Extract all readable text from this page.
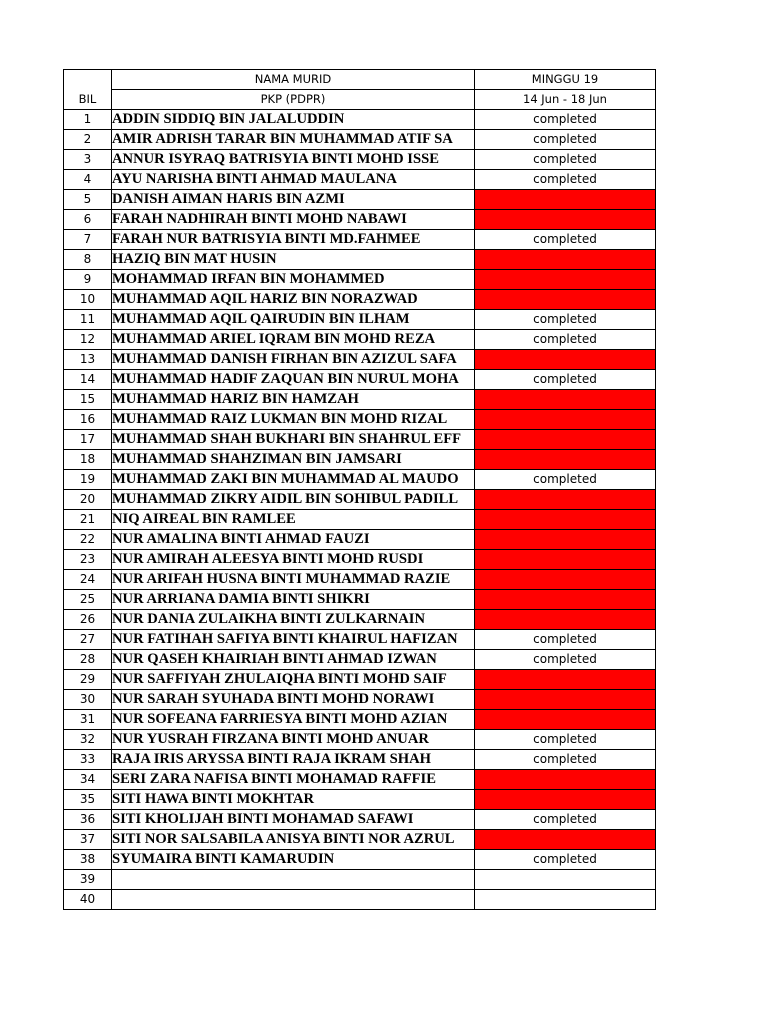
BIL	NAMA MURID	MINGGU 19
	PKP (PDPR)	14 Jun - 18 Jun
1	ADDIN SIDDIQ BIN JALALUDDIN	completed
2	AMIR ADRISH TARAR BIN MUHAMMAD ATIF SA	completed
3	ANNUR ISYRAQ BATRISYIA BINTI MOHD ISSE	completed
4	AYU NARISHA BINTI AHMAD MAULANA	completed
5	DANISH AIMAN HARIS BIN AZMI	
6	FARAH NADHIRAH BINTI MOHD NABAWI	
7	FARAH NUR BATRISYIA BINTI MD.FAHMEE	completed
8	HAZIQ BIN MAT HUSIN	
9	MOHAMMAD IRFAN BIN MOHAMMED	
10	MUHAMMAD AQIL HARIZ BIN NORAZWAD	
11	MUHAMMAD AQIL QAIRUDIN BIN ILHAM	completed
12	MUHAMMAD ARIEL IQRAM BIN MOHD REZA	completed
13	MUHAMMAD DANISH FIRHAN BIN AZIZUL SAFA	
14	MUHAMMAD HADIF ZAQUAN BIN NURUL MOHA	completed
15	MUHAMMAD HARIZ BIN HAMZAH	
16	MUHAMMAD RAIZ LUKMAN BIN MOHD RIZAL	
17	MUHAMMAD SHAH BUKHARI BIN SHAHRUL EFF	
18	MUHAMMAD SHAHZIMAN BIN JAMSARI	
19	MUHAMMAD ZAKI BIN MUHAMMAD AL MAUDO	completed
20	MUHAMMAD ZIKRY AIDIL BIN SOHIBUL PADILL	
21	NIQ AIREAL BIN RAMLEE	
22	NUR AMALINA BINTI AHMAD FAUZI	
23	NUR AMIRAH ALEESYA BINTI MOHD RUSDI	
24	NUR ARIFAH HUSNA BINTI MUHAMMAD RAZIE	
25	NUR ARRIANA DAMIA BINTI SHIKRI	
26	NUR DANIA ZULAIKHA BINTI ZULKARNAIN	
27	NUR FATIHAH SAFIYA BINTI KHAIRUL HAFIZAN	completed
28	NUR QASEH KHAIRIAH BINTI AHMAD IZWAN	completed
29	NUR SAFFIYAH ZHULAIQHA BINTI MOHD SAIF	
30	NUR SARAH SYUHADA BINTI MOHD NORAWI	
31	NUR SOFEANA FARRIESYA BINTI MOHD AZIAN	
32	NUR YUSRAH FIRZANA BINTI MOHD ANUAR	completed
33	RAJA IRIS ARYSSA BINTI RAJA IKRAM SHAH	completed
34	SERI ZARA NAFISA BINTI MOHAMAD RAFFIE	
35	SITI HAWA BINTI MOKHTAR	
36	SITI KHOLIJAH BINTI MOHAMAD SAFAWI	completed
37	SITI NOR SALSABILA ANISYA BINTI NOR AZRUL	
38	SYUMAIRA BINTI KAMARUDIN	completed
39		
40		
